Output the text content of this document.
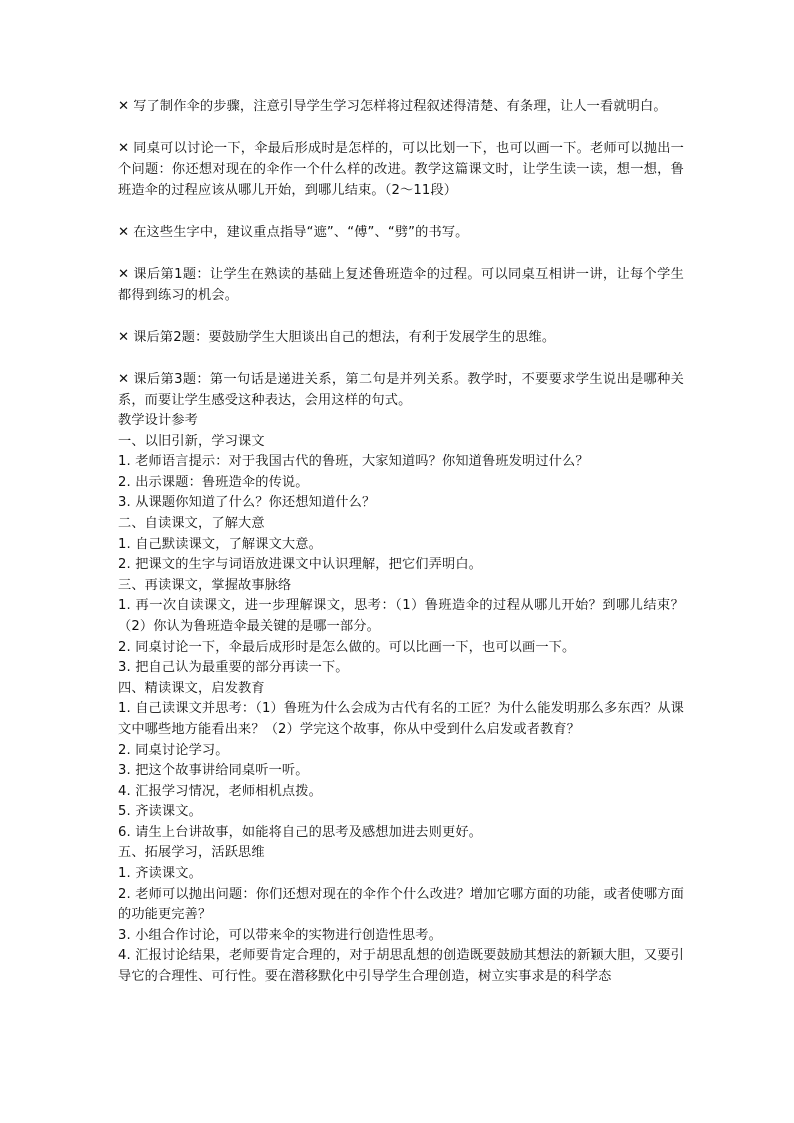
✕ 写了制作伞的步骤，注意引导学生学习怎样将过程叙述得清楚、有条理，让人一看就明白。

✕ 同桌可以讨论一下，伞最后形成时是怎样的，可以比划一下，也可以画一下。老师可以抛出一个问题：你还想对现在的伞作一个什么样的改进。教学这篇课文时，让学生读一读，想一想，鲁班造伞的过程应该从哪儿开始，到哪儿结束。（2～11段）

✕ 在这些生字中，建议重点指导“遮”、“傅”、“劈”的书写。

✕ 课后第1题：让学生在熟读的基础上复述鲁班造伞的过程。可以同桌互相讲一讲，让每个学生都得到练习的机会。

✕ 课后第2题：要鼓励学生大胆谈出自己的想法，有利于发展学生的思维。

✕ 课后第3题：第一句话是递进关系，第二句是并列关系。教学时，不要要求学生说出是哪种关系，而要让学生感受这种表达，会用这样的句式。

教学设计参考

一、以旧引新，学习课文

1. 老师语言提示：对于我国古代的鲁班，大家知道吗？你知道鲁班发明过什么？

2. 出示课题：鲁班造伞的传说。

3. 从课题你知道了什么？你还想知道什么？

二、自读课文，了解大意

1. 自己默读课文，了解课文大意。

2. 把课文的生字与词语放进课文中认识理解，把它们弄明白。

三、再读课文，掌握故事脉络

1. 再一次自读课文，进一步理解课文，思考：（1）鲁班造伞的过程从哪儿开始？到哪儿结束？（2）你认为鲁班造伞最关键的是哪一部分。

2. 同桌讨论一下，伞最后成形时是怎么做的。可以比画一下，也可以画一下。

3. 把自己认为最重要的部分再读一下。

四、精读课文，启发教育

1. 自己读课文并思考：（1）鲁班为什么会成为古代有名的工匠？为什么能发明那么多东西？从课文中哪些地方能看出来？（2）学完这个故事，你从中受到什么启发或者教育？

2. 同桌讨论学习。

3. 把这个故事讲给同桌听一听。

4. 汇报学习情况，老师相机点拨。

5. 齐读课文。

6. 请生上台讲故事，如能将自己的思考及感想加进去则更好。

五、拓展学习，活跃思维

1. 齐读课文。

2. 老师可以抛出问题：你们还想对现在的伞作个什么改进？增加它哪方面的功能，或者使哪方面的功能更完善？

3. 小组合作讨论，可以带来伞的实物进行创造性思考。

4. 汇报讨论结果，老师要肯定合理的，对于胡思乱想的创造既要鼓励其想法的新颖大胆，又要引导它的合理性、可行性。要在潜移默化中引导学生合理创造，树立实事求是的科学态
